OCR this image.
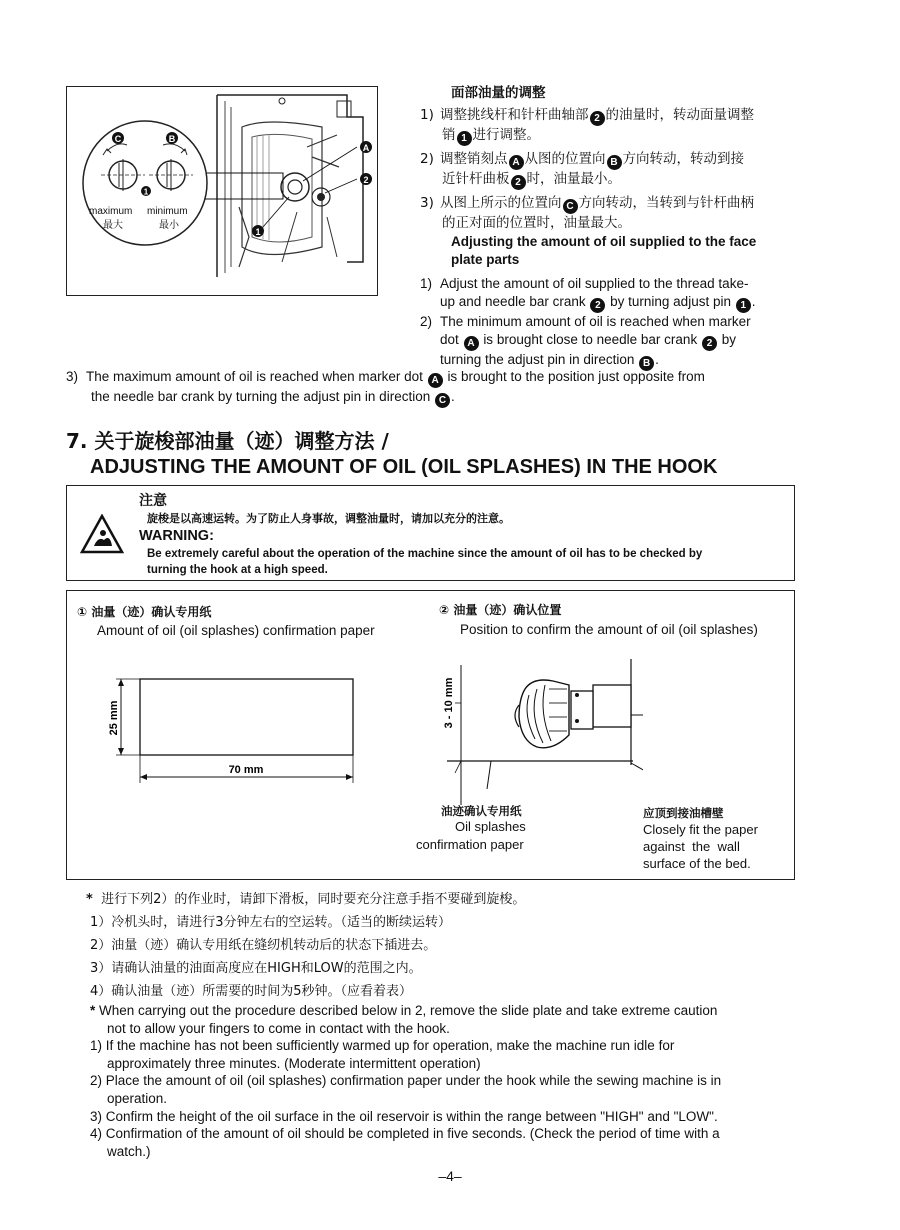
A
2
1
C	B
1
maximum minimum
最大	最小
面部油量的调整
1) 调整挑线杆和针杆曲轴部 2 的油量时，转动面量调整
销 1 进行调整。
2) 调整销刻点 A 从图的位置向 B 方向转动，转动到接
近针杆曲板 2 时，油量最小。
3) 从图上所示的位置向 C 方向转动，当转到与针杆曲柄
的正对面的位置时，油量最大。
Adjusting the amount of oil supplied to the face
plate parts
1) Adjust the amount of oil supplied to the thread take-
up and needle bar crank 2 by turning adjust pin 1 .
2) The minimum amount of oil is reached when marker
dot A is brought close to needle bar crank 2 by
turning the adjust pin in direction B .
3) The maximum amount of oil is reached when marker dot A is brought to the position just opposite from
the needle bar crank by turning the adjust pin in direction C .
7. 关于旋梭部油量（迹）调整方法 /
ADJUSTING THE AMOUNT OF OIL (OIL SPLASHES) IN THE HOOK
注意
旋梭是以高速运转。为了防止人身事故，调整油量时，请加以充分的注意。
WARNING:
Be extremely careful about the operation of the machine since the amount of oil has to be checked by
turning the hook at a high speed.
① 油量（迹）确认专用纸
Amount of oil (oil splashes) confirmation paper
② 油量（迹）确认位置
Position to confirm the amount of oil (oil splashes)
25 mm
70 mm
3 - 10 mm
油迹确认专用纸
Oil splashes
confirmation paper
应顶到接油槽壁
Closely fit the paper
against  the  wall
surface of the bed.
* 进行下列2）的作业时，请卸下滑板，同时要充分注意手指不要碰到旋梭。
1）冷机头时，请进行3分钟左右的空运转。（适当的断续运转）
2）油量（迹）确认专用纸在缝纫机转动后的状态下插进去。
3）请确认油量的油面高度应在HIGH和LOW的范围之内。
4）确认油量（迹）所需要的时间为5秒钟。（应看着表）
* When carrying out the procedure described below in 2, remove the slide plate and take extreme caution
not to allow your fingers to come in contact with the hook.
1) If the machine has not been sufficiently warmed up for operation, make the machine run idle for
approximately three minutes. (Moderate intermittent operation)
2) Place the amount of oil (oil splashes) confirmation paper under the hook while the sewing machine is in
operation.
3) Confirm the height of the oil surface in the oil reservoir is within the range between "HIGH" and "LOW".
4) Confirmation of the amount of oil should be completed in five seconds. (Check the period of time with a
watch.)
–4–
